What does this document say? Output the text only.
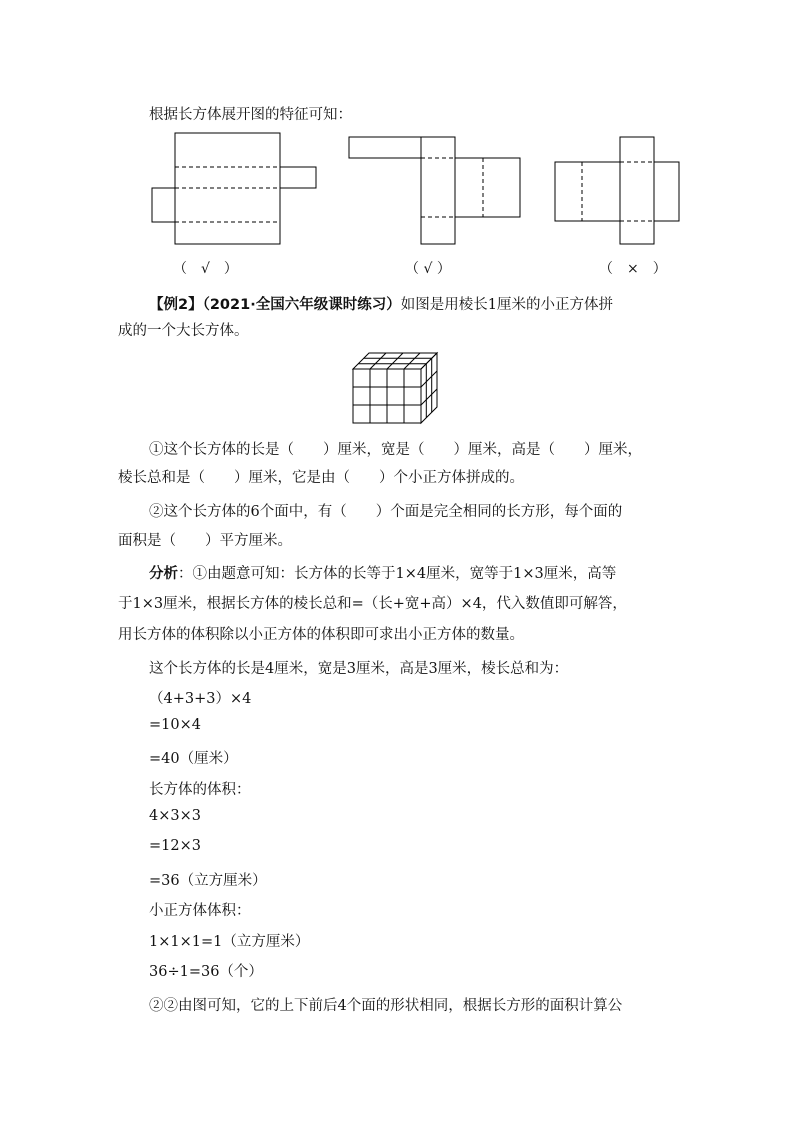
根据长方体展开图的特征可知：
（　√　）	（ √ ）	（　×　）
【例2】（2021·全国六年级课时练习）如图是用棱长1厘米的小正方体拼
成的一个大长方体。
①这个长方体的长是（　　）厘米，宽是（　　）厘米，高是（　　）厘米，
棱长总和是（　　）厘米，它是由（　　）个小正方体拼成的。
②这个长方体的6个面中，有（　　）个面是完全相同的长方形，每个面的
面积是（　　）平方厘米。
分析：①由题意可知：长方体的长等于1×4厘米，宽等于1×3厘米，高等
于1×3厘米，根据长方体的棱长总和=（长+宽+高）×4，代入数值即可解答，
用长方体的体积除以小正方体的体积即可求出小正方体的数量。
这个长方体的长是4厘米，宽是3厘米，高是3厘米，棱长总和为：
（4+3+3）×4
=10×4
=40（厘米）
长方体的体积：
4×3×3
=12×3
=36（立方厘米）
小正方体体积：
1×1×1=1（立方厘米）
36÷1=36（个）
②②由图可知，它的上下前后4个面的形状相同，根据长方形的面积计算公
